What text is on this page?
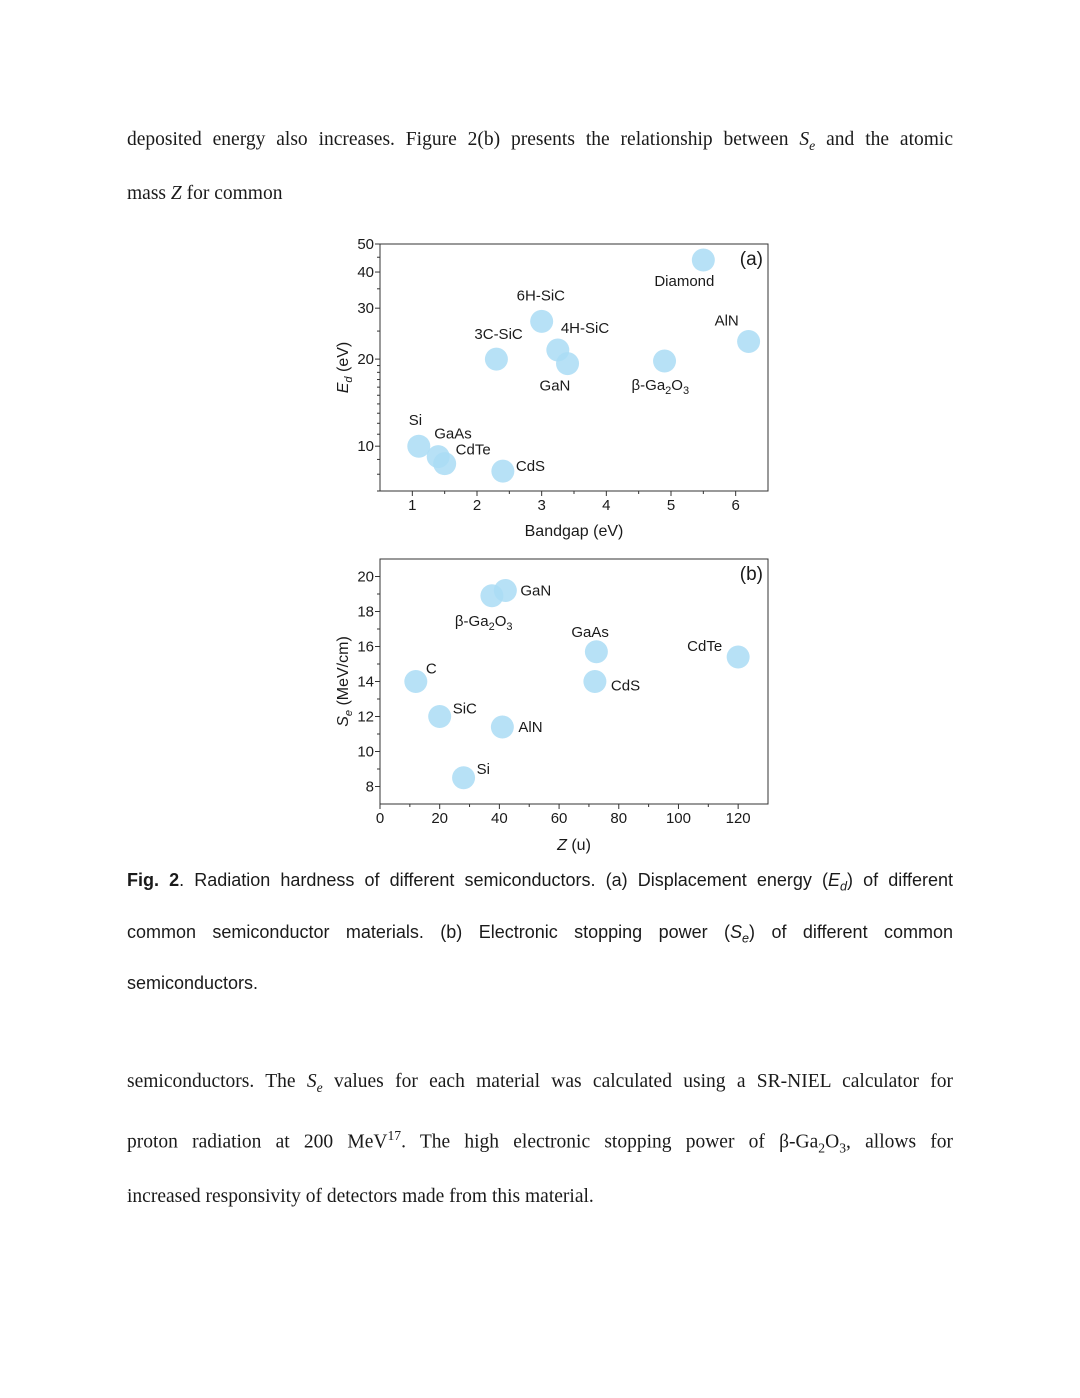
deposited energy also increases. Figure 2(b) presents the relationship between $S_e$ and the atomic
mass Z for common
1	2	3	4	5	6
10
20
30
40
50
(a)
Si
GaAs
CdTe
CdS
3C-SiC
6H-SiC
4H-SiC
GaN	β-Ga2O3
Diamond
AlN
Bandgap (eV)
Ed (eV)
0	20	40	60	80	100 120
8
10
12
14
16
18
20	(b)
C
SiC
Si
β-Ga2O3
GaN
AlN
GaAs
CdS
CdTe
Z (u)
Se (MeV/cm)
Fig. 2. Radiation hardness of different semiconductors. (a) Displacement energy $(E_d)$ of different
common semiconductor materials. (b) Electronic stopping power $(S_e)$ of different common
semiconductors.
semiconductors. The $S_e$ values for each material was calculated using a SR-NIEL calculator for
proton radiation at 200 MeV$^{17}$. The high electronic stopping power of $\beta-Ga_2O_3$, allows for
increased responsivity of detectors made from this material.
